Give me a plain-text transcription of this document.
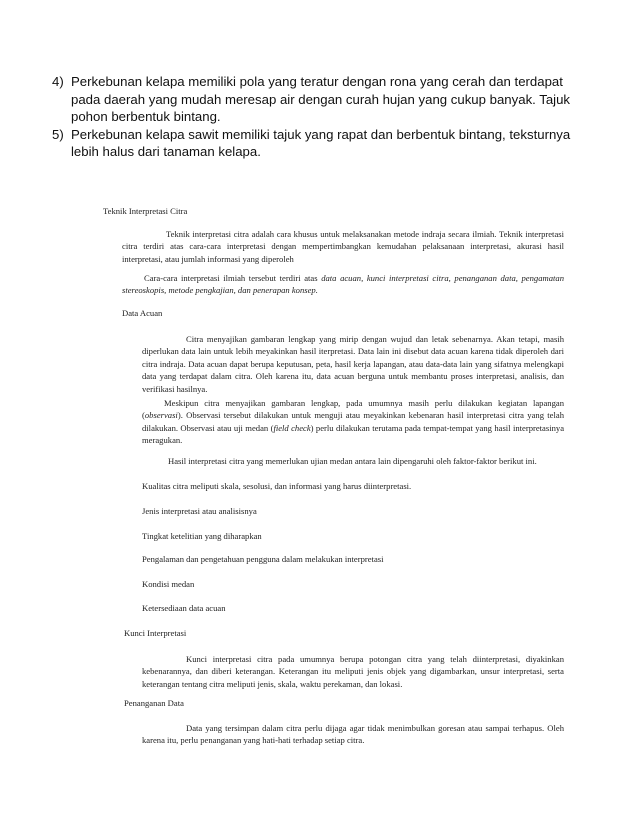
4) Perkebunan kelapa memiliki pola yang teratur dengan rona yang cerah dan terdapat pada daerah yang mudah meresap air dengan curah hujan yang cukup banyak. Tajuk pohon berbentuk bintang.

5) Perkebunan kelapa sawit memiliki tajuk yang rapat dan berbentuk bintang, teksturnya lebih halus dari tanaman kelapa.

Teknik Interpretasi Citra

Teknik interpretasi citra adalah cara khusus untuk melaksanakan metode indraja secara ilmiah. Teknik interpretasi citra terdiri atas cara-cara interpretasi dengan mempertimbangkan kemudahan pelaksanaan interpretasi, akurasi hasil interpretasi, atau jumlah informasi yang diperoleh

Cara-cara interpretasi ilmiah tersebut terdiri atas data acuan, kunci interpretasi citra, penanganan data, pengamatan stereoskopis, metode pengkajian, dan penerapan konsep.

Data Acuan

Citra menyajikan gambaran lengkap yang mirip dengan wujud dan letak sebenarnya. Akan tetapi, masih diperlukan data lain untuk lebih meyakinkan hasil iterpretasi. Data lain ini disebut data acuan karena tidak diperoleh dari citra indraja. Data acuan dapat berupa keputusan, peta, hasil kerja lapangan, atau data-data lain yang sifatnya melengkapi data yang terdapat dalam citra. Oleh karena itu, data acuan berguna untuk membantu proses interpretasi, analisis, dan verifikasi hasilnya.

Meskipun citra menyajikan gambaran lengkap, pada umumnya masih perlu dilakukan kegiatan lapangan (observasi). Observasi tersebut dilakukan untuk menguji atau meyakinkan kebenaran hasil interpretasi citra yang telah dilakukan. Observasi atau uji medan (field check) perlu dilakukan terutama pada tempat-tempat yang hasil interpretasinya meragukan.

Hasil interpretasi citra yang memerlukan ujian medan antara lain dipengaruhi oleh faktor-faktor berikut ini.

Kualitas citra meliputi skala, sesolusi, dan informasi yang harus diinterpretasi.

Jenis interpretasi atau analisisnya

Tingkat ketelitian yang diharapkan

Pengalaman dan pengetahuan pengguna dalam melakukan interpretasi

Kondisi medan

Ketersediaan data acuan

Kunci Interpretasi

Kunci interpretasi citra pada umumnya berupa potongan citra yang telah diinterpretasi, diyakinkan kebenarannya, dan diberi keterangan. Keterangan itu meliputi jenis objek yang digambarkan, unsur interpretasi, serta keterangan tentang citra meliputi jenis, skala, waktu perekaman, dan lokasi.

Penanganan Data

Data yang tersimpan dalam citra perlu dijaga agar tidak menimbulkan goresan atau sampai terhapus. Oleh karena itu, perlu penanganan yang hati-hati terhadap setiap citra.
